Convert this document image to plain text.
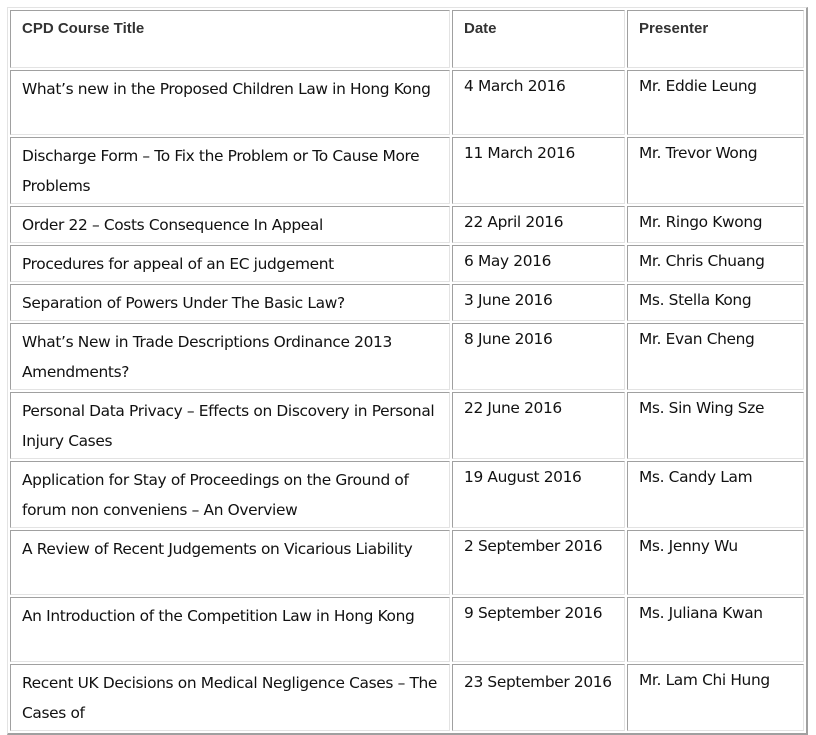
CPD Course Title	Date	Presenter
What’s new in the Proposed Children Law in Hong Kong	4 March 2016	Mr. Eddie Leung
Discharge Form – To Fix the Problem or To Cause More Problems	11 March 2016	Mr. Trevor Wong
Order 22 – Costs Consequence In Appeal	22 April 2016	Mr. Ringo Kwong
Procedures for appeal of an EC judgement	6 May 2016	Mr. Chris Chuang
Separation of Powers Under The Basic Law?	3 June 2016	Ms. Stella Kong
What’s New in Trade Descriptions Ordinance 2013 Amendments?	8 June 2016	Mr. Evan Cheng
Personal Data Privacy – Effects on Discovery in Personal Injury Cases	22 June 2016	Ms. Sin Wing Sze
Application for Stay of Proceedings on the Ground of forum non conveniens – An Overview	19 August 2016	Ms. Candy Lam
A Review of Recent Judgements on Vicarious Liability	2 September 2016	Ms. Jenny Wu
An Introduction of the Competition Law in Hong Kong	9 September 2016	Ms. Juliana Kwan
Recent UK Decisions on Medical Negligence Cases – The Cases of	23 September 2016	Mr. Lam Chi Hung
